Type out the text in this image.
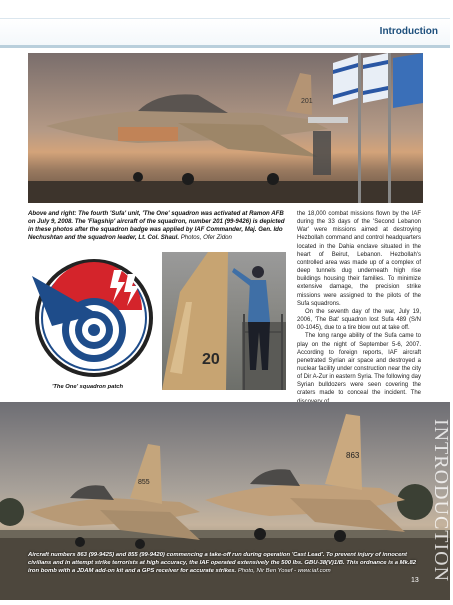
Introduction
201
Above and right: The fourth 'Sufa' unit, 'The One' squadron was activated at Ramon AFB on July 9, 2008. The 'Flagship' aircraft of the squadron, number 201 (99-9426) is depicted in these photos after the squadron badge was applied by IAF Commander, Maj. Gen. Ido Nechushtan and the squadron leader, Lt. Col. Shaul. Photos, Ofer Zidon
'The One' squadron patch
20

the 18,000 combat missions flown by the IAF during the 33 days of the 'Second Lebanon War' were missions aimed at destroying Hezbollah command and control headquarters located in the Dahia enclave situated in the heart of Beirut, Lebanon. Hezbollah's controlled area was made up of a complex of deep tunnels dug underneath high rise buildings housing their families. To minimize extensive damage, the precision strike missions were assigned to the pilots of the Sufa squadrons.

On the seventh day of the war, July 19, 2006, 'The Bat' squadron lost Sufa 489 (S/N 00-1045), due to a tire blow out at take off.

The long range ability of the Sufa came to play on the night of September 5-6, 2007. According to foreign reports, IAF aircraft penetrated Syrian air space and destroyed a nuclear facility under construction near the city of Dir A-Zur in eastern Syria. The following day Syrian bulldozers were seen covering the craters made to conceal the incident. The

855
863
Aircraft numbers 863 (99-9425) and 855 (99-9420) commencing a take-off run during operation 'Cast Lead'. To prevent injury of innocent civilians and in attempt strike terrorists at high accuracy, the IAF operated extensively the 500 lbs. GBU-38(V)1/B. This ordnance is a Mk.82 iron bomb with a JDAM add-on kit and a GPS receiver for accurate strikes. Photo, Nir Ben Yosef - www.iaf.com	INTRODUCTION
13
